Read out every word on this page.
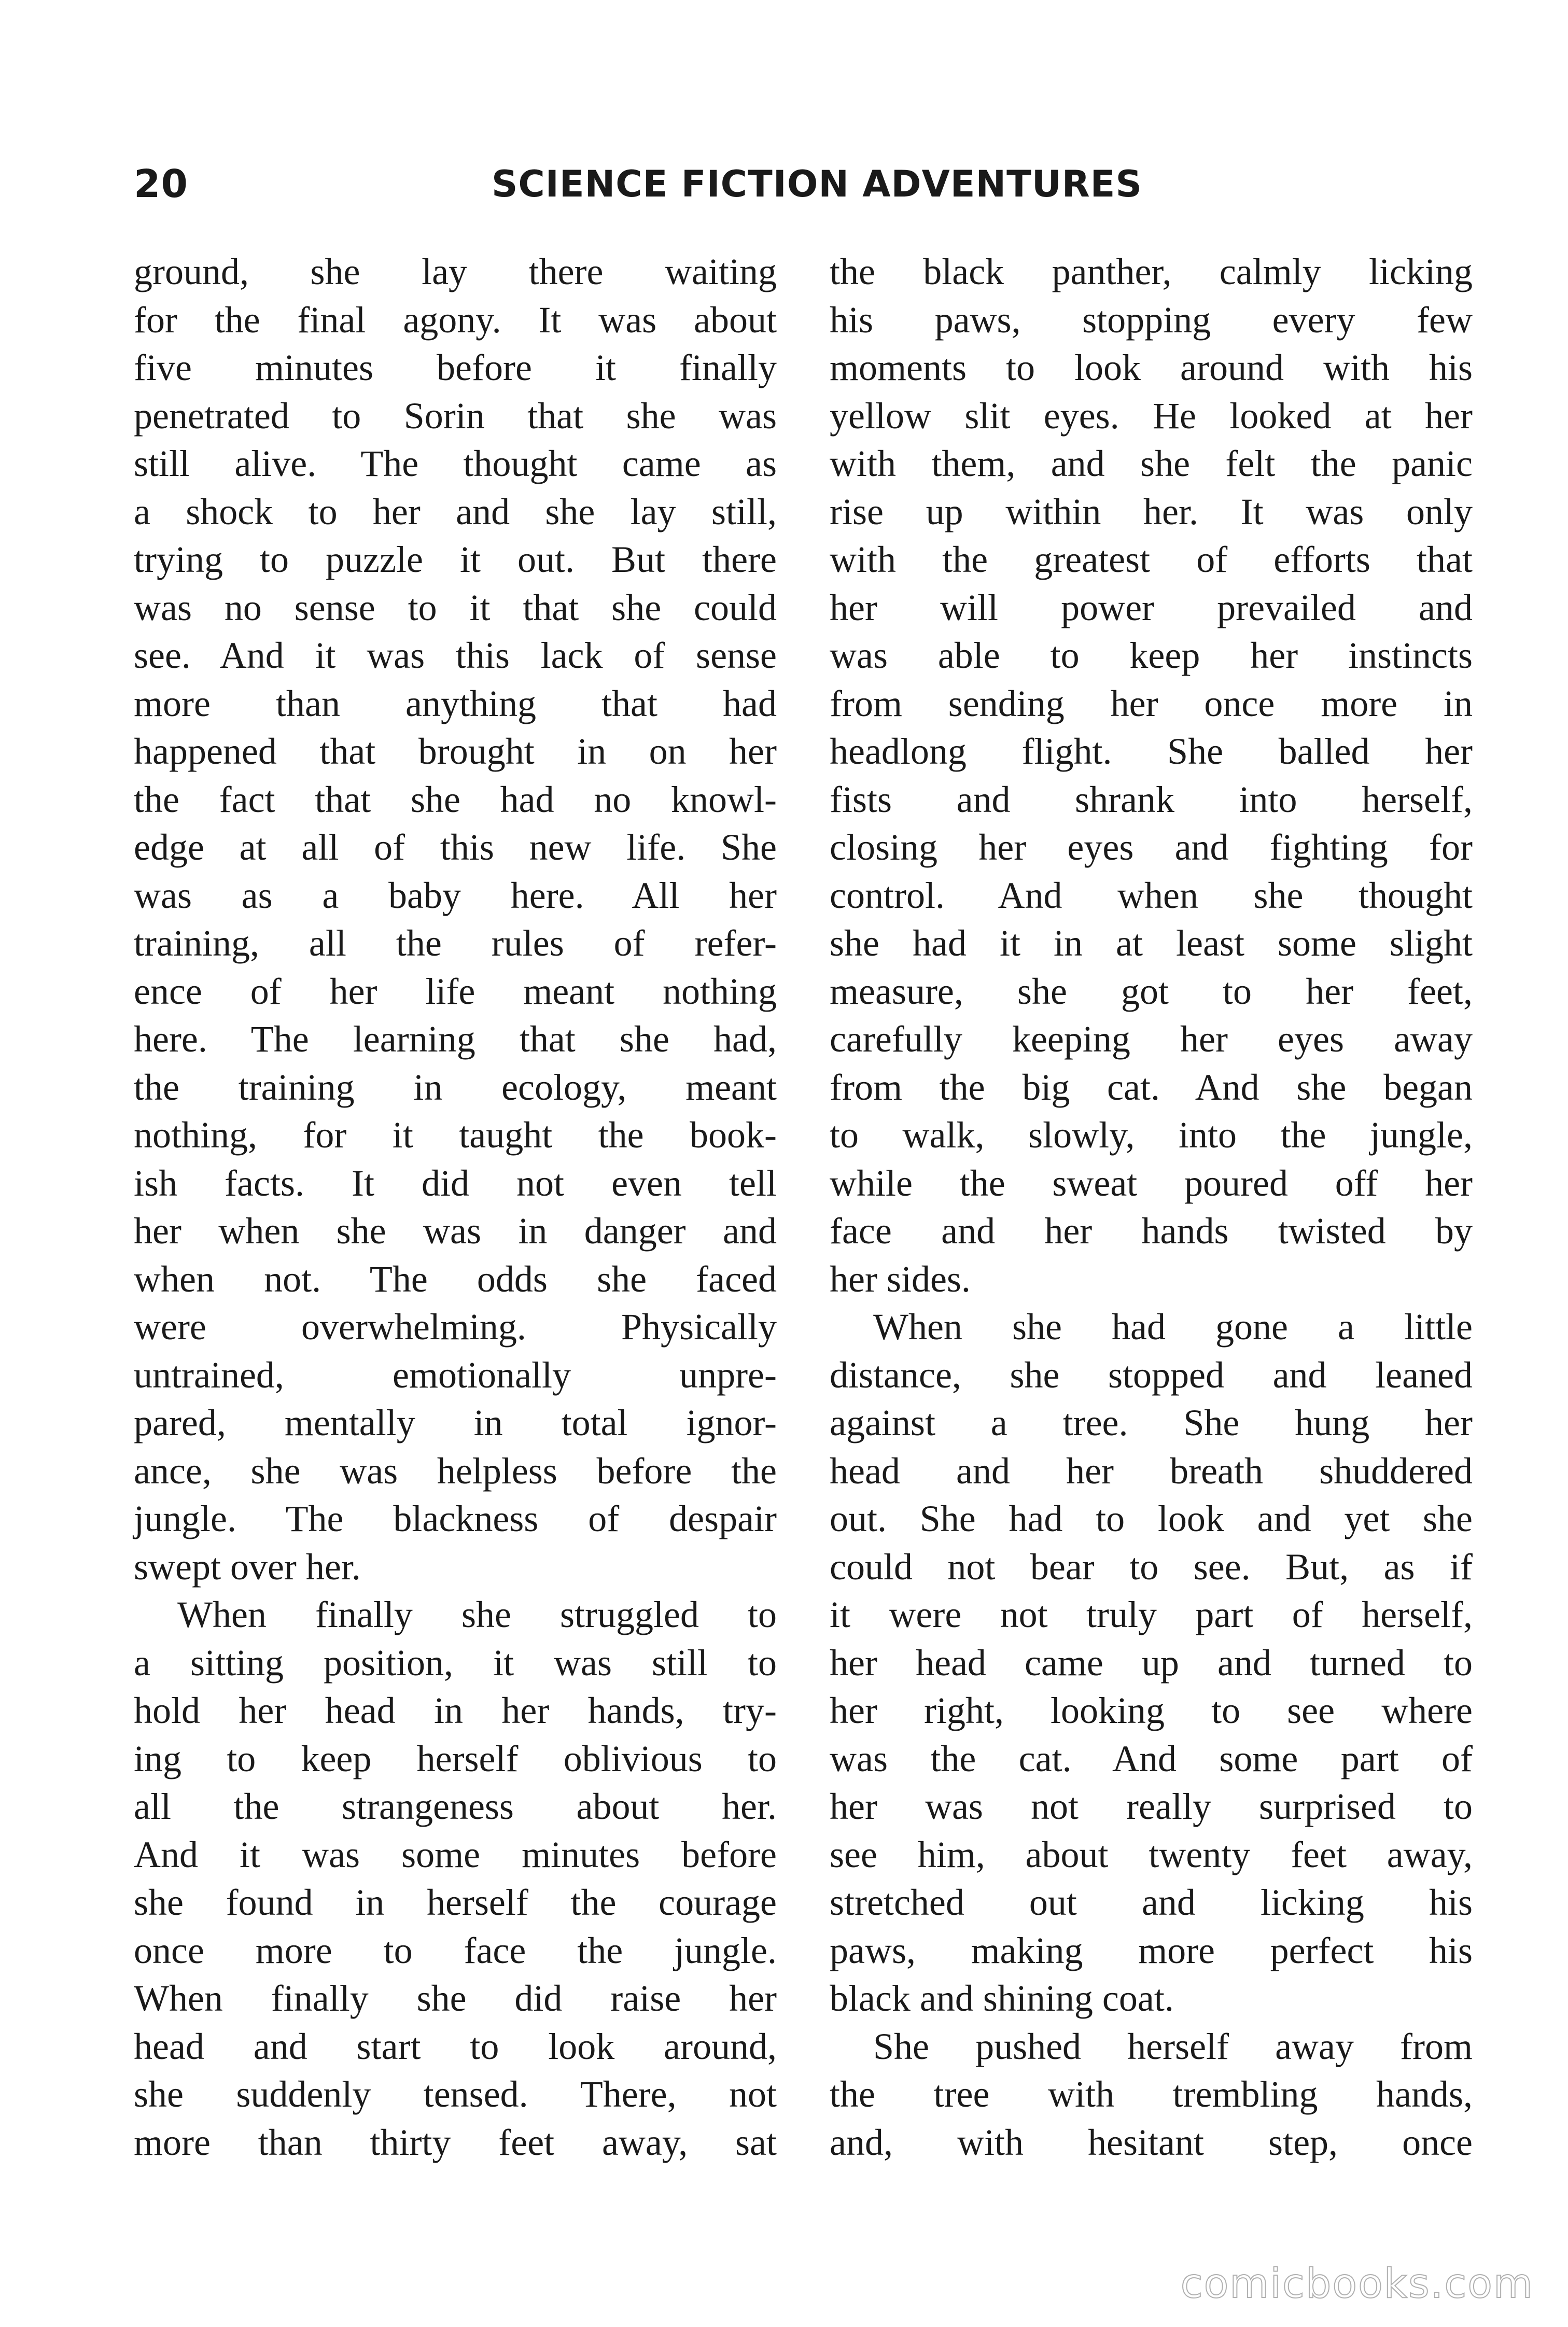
20	SCIENCE FICTION ADVENTURES
ground, she lay there waiting
for the final agony. It was about
five minutes before it finally
penetrated to Sorin that she was
still alive. The thought came as
a shock to her and she lay still,
trying to puzzle it out. But there
was no sense to it that she could
see. And it was this lack of sense
more than anything that had
happened that brought in on her
the fact that she had no knowl-
edge at all of this new life. She
was as a baby here. All her
training, all the rules of refer-
ence of her life meant nothing
here. The learning that she had,
the training in ecology, meant
nothing, for it taught the book-
ish facts. It did not even tell
her when she was in danger and
when not. The odds she faced
were overwhelming. Physically
untrained, emotionally unpre-
pared, mentally in total ignor-
ance, she was helpless before the
jungle. The blackness of despair
swept over her.
When finally she struggled to
a sitting position, it was still to
hold her head in her hands, try-
ing to keep herself oblivious to
all the strangeness about her.
And it was some minutes before
she found in herself the courage
once more to face the jungle.
When finally she did raise her
head and start to look around,
she suddenly tensed. There, not
more than thirty feet away, sat
the black panther, calmly licking
his paws, stopping every few
moments to look around with his
yellow slit eyes. He looked at her
with them, and she felt the panic
rise up within her. It was only
with the greatest of efforts that
her will power prevailed and
was able to keep her instincts
from sending her once more in
headlong flight. She balled her
fists and shrank into herself,
closing her eyes and fighting for
control. And when she thought
she had it in at least some slight
measure, she got to her feet,
carefully keeping her eyes away
from the big cat. And she began
to walk, slowly, into the jungle,
while the sweat poured off her
face and her hands twisted by
her sides.
When she had gone a little
distance, she stopped and leaned
against a tree. She hung her
head and her breath shuddered
out. She had to look and yet she
could not bear to see. But, as if
it were not truly part of herself,
her head came up and turned to
her right, looking to see where
was the cat. And some part of
her was not really surprised to
see him, about twenty feet away,
stretched out and licking his
paws, making more perfect his
black and shining coat.
She pushed herself away from
the tree with trembling hands,
and, with hesitant step, once
comicbooks.com
